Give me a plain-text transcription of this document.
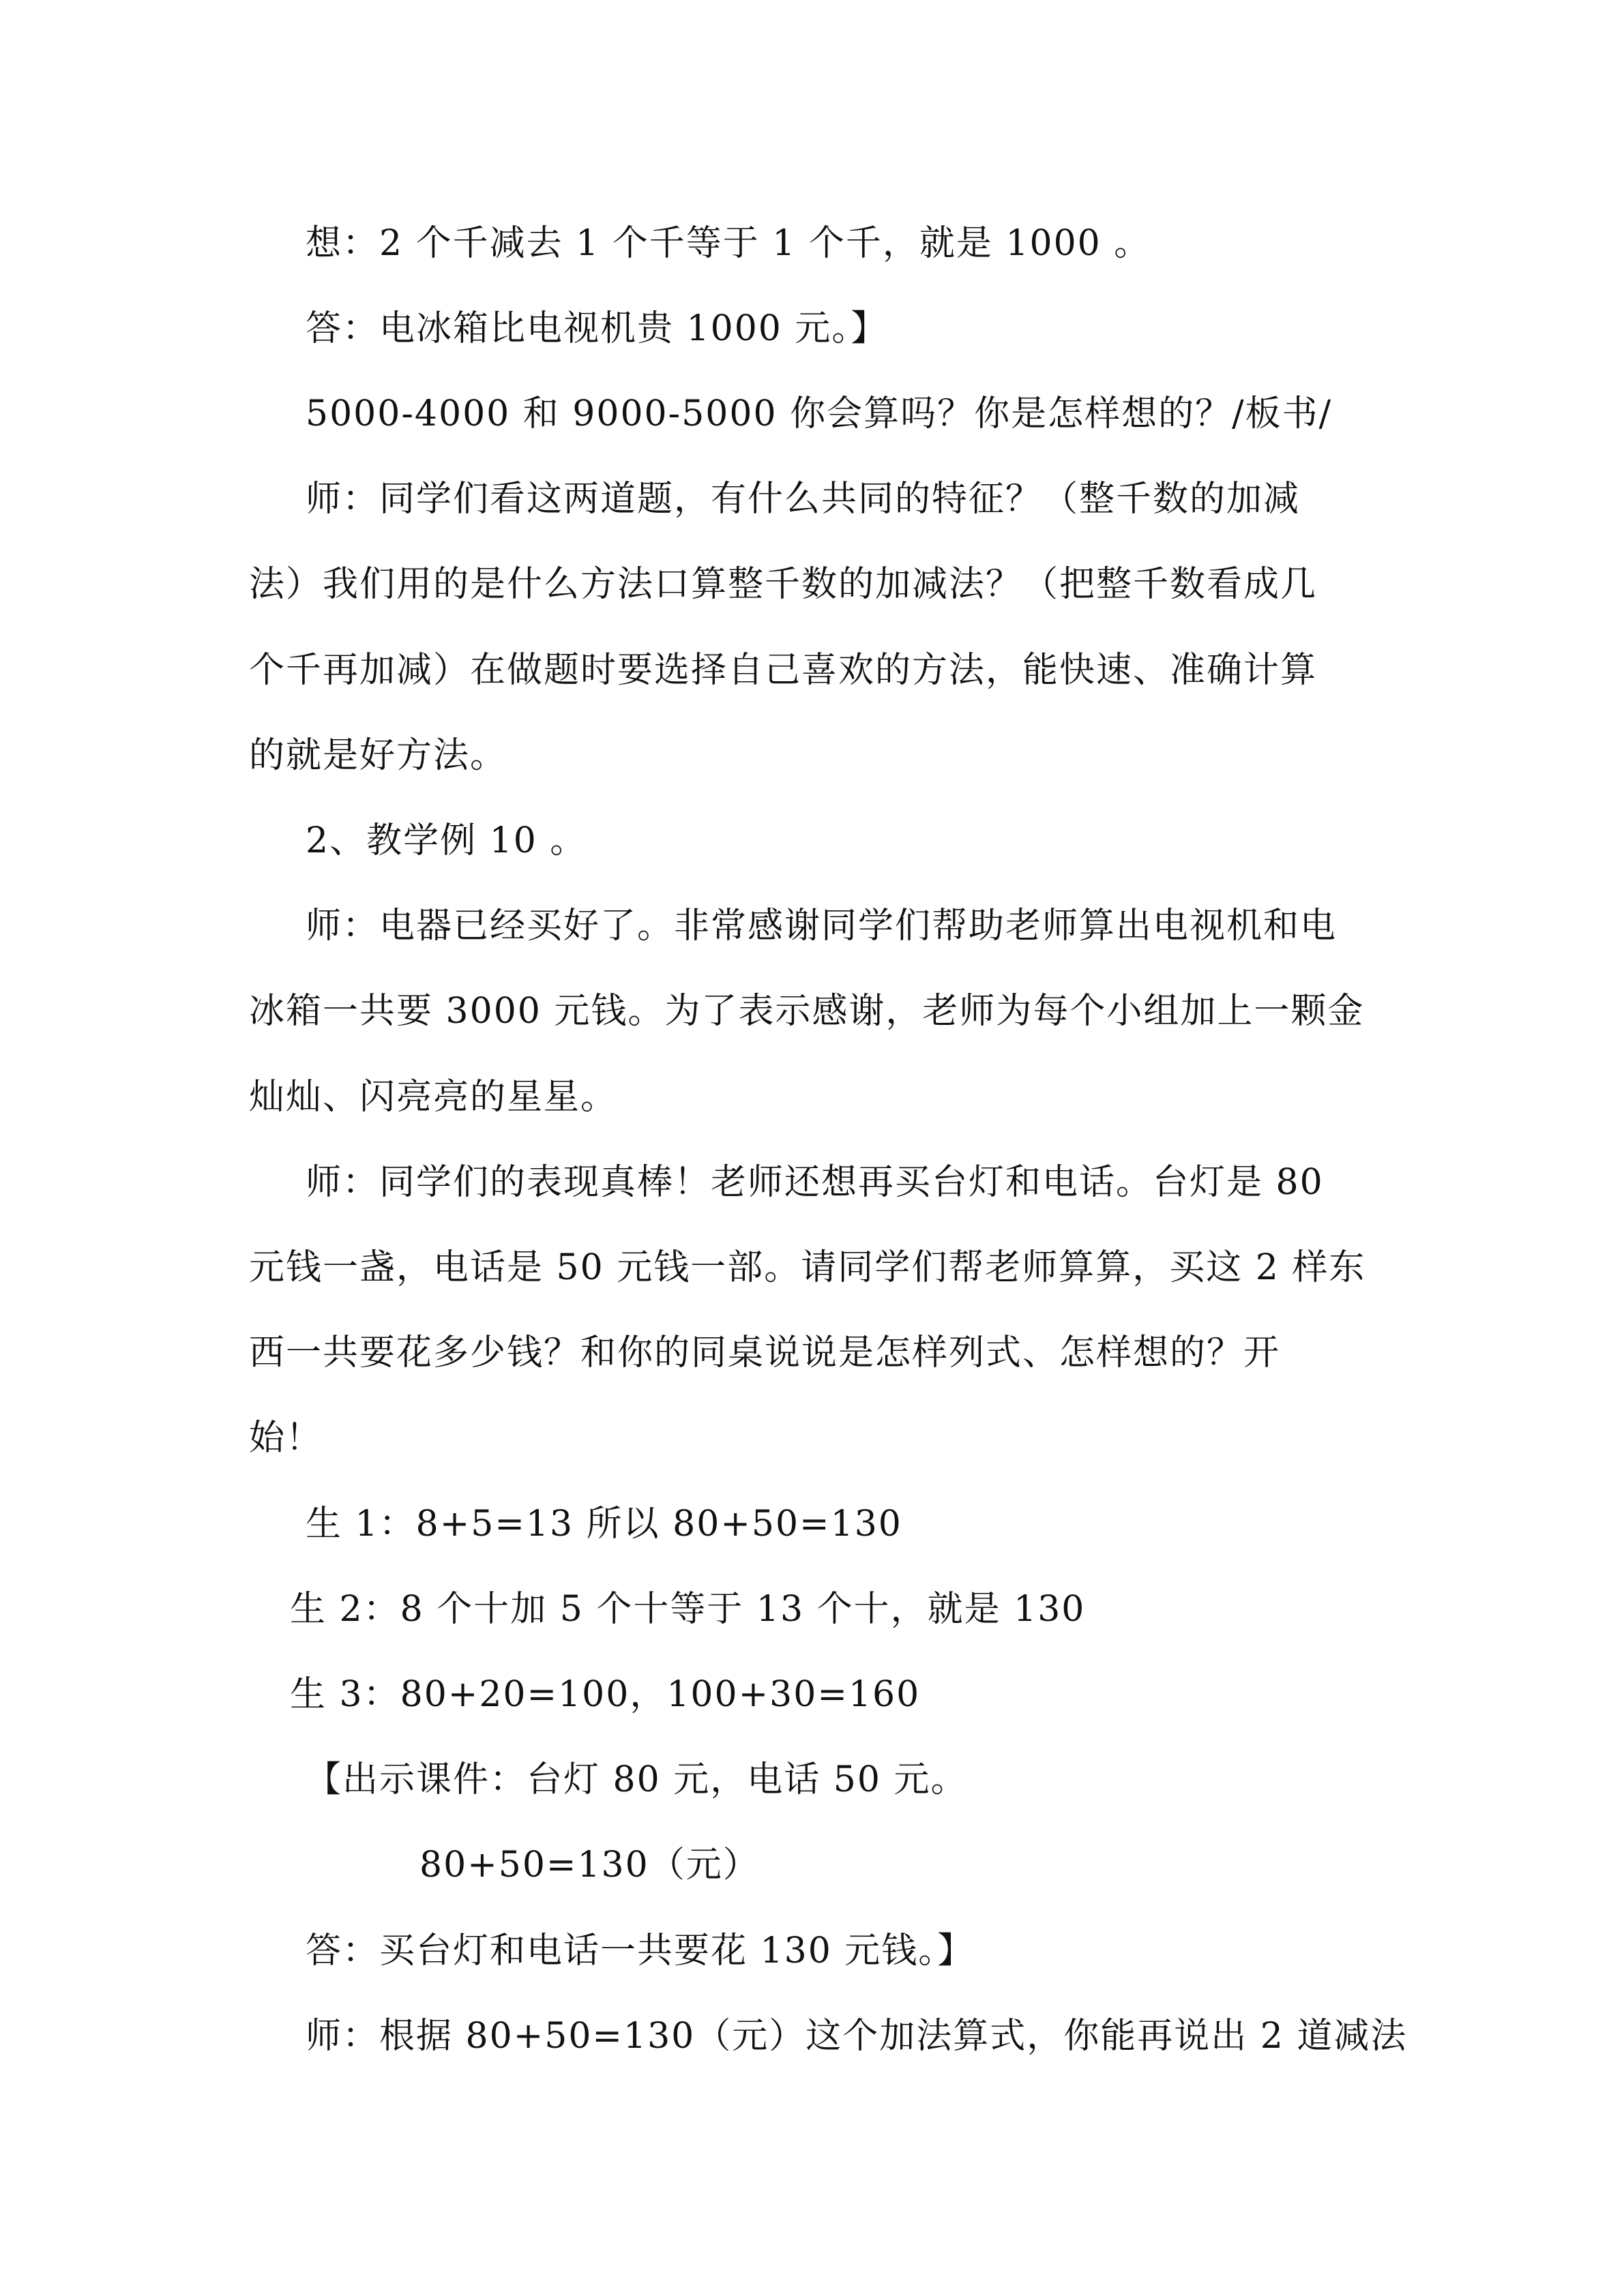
想：2 个千减去 1 个千等于 1 个千，就是 1000 。
答：电冰箱比电视机贵 1000 元。】
5000-4000 和 9000-5000 你会算吗？你是怎样想的？/板书/
师：同学们看这两道题，有什么共同的特征？（整千数的加减
法）我们用的是什么方法口算整千数的加减法？（把整千数看成几
个千再加减）在做题时要选择自己喜欢的方法，能快速、准确计算
的就是好方法。
2、教学例 10 。
师：电器已经买好了。非常感谢同学们帮助老师算出电视机和电
冰箱一共要 3000 元钱。为了表示感谢，老师为每个小组加上一颗金
灿灿、闪亮亮的星星。
师：同学们的表现真棒！老师还想再买台灯和电话。台灯是 80
元钱一盏，电话是 50 元钱一部。请同学们帮老师算算，买这 2 样东
西一共要花多少钱？和你的同桌说说是怎样列式、怎样想的？开
始！
生 1：8+5=13 所以 80+50=130
生 2：8 个十加 5 个十等于 13 个十，就是 130
生 3：80+20=100，100+30=160
【出示课件：台灯 80 元，电话 50 元。
80+50=130（元）
答：买台灯和电话一共要花 130 元钱。】
师：根据 80+50=130（元）这个加法算式，你能再说出 2 道减法
